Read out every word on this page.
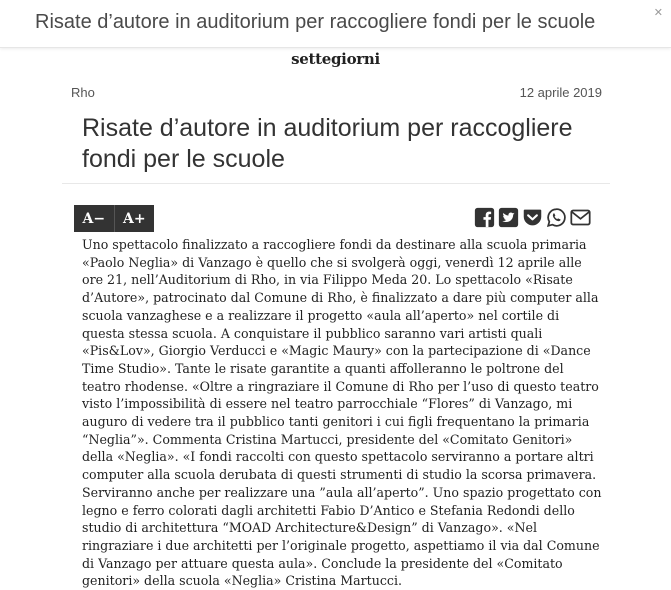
Risate d’autore in auditorium per raccogliere fondi per le scuole	✕
settegiorni
Rho	12 aprile 2019
Risate d’autore in auditorium per raccogliere fondi per le scuole
A−	A+
Uno spettacolo finalizzato a raccogliere fondi da destinare alla scuola primaria «Paolo Neglia» di Vanzago è quello che si svolgerà oggi, venerdì 12 aprile alle ore 21, nell’Auditorium di Rho, in via Filippo Meda 20. Lo spettacolo «Risate d’Autore», patrocinato dal Comune di Rho, è finalizzato a dare più computer alla scuola vanzaghese e a realizzare il progetto «aula all’aperto» nel cortile di questa stessa scuola. A conquistare il pubblico saranno vari artisti quali «Pis&Lov», Giorgio Verducci e «Magic Maury» con la partecipazione di «Dance Time Studio». Tante le risate garantite a quanti affolleranno le poltrone del teatro rhodense. «Oltre a ringraziare il Comune di Rho per l’uso di questo teatro visto l’impossibilità di essere nel teatro parrocchiale “Flores” di Vanzago, mi auguro di vedere tra il pubblico tanti genitori i cui figli frequentano la primaria “Neglia”». Commenta Cristina Martucci, presidente del «Comitato Genitori» della «Neglia». «I fondi raccolti con questo spettacolo serviranno a portare altri computer alla scuola derubata di questi strumenti di studio la scorsa primavera. Serviranno anche per realizzare una ”aula all’aperto”. Uno spazio progettato con legno e ferro colorati dagli architetti Fabio D’Antico e Stefania Redondi dello studio di architettura “MOAD Architecture&Design” di Vanzago». «Nel ringraziare i due architetti per l’originale progetto, aspettiamo il via dal Comune di Vanzago per attuare questa aula». Conclude la presidente del «Comitato genitori» della scuola «Neglia» Cristina Martucci.
